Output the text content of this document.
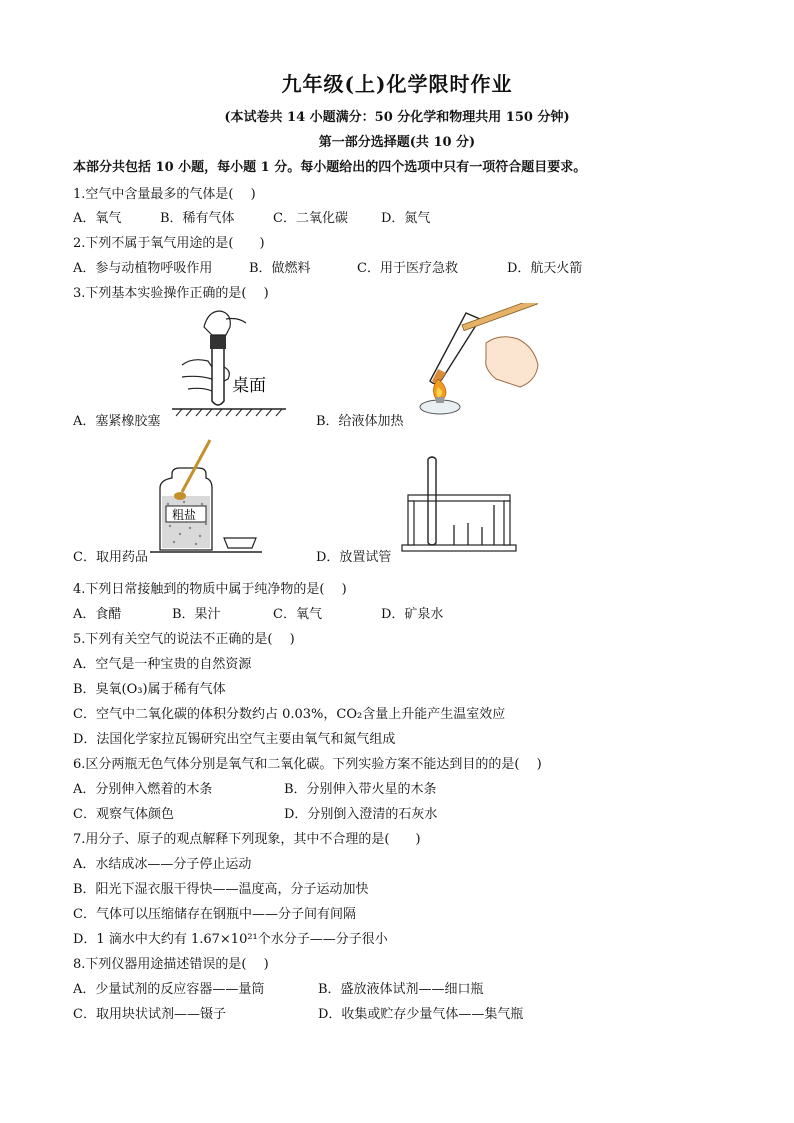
九年级(上)化学限时作业
(本试卷共 14 小题满分：50 分化学和物理共用 150 分钟)
第一部分选择题(共 10 分)
本部分共包括 10 小题，每小题 1 分。每小题给出的四个选项中只有一项符合题目要求。
1.空气中含量最多的气体是(　 )
A．氧气	B．稀有气体	C．二氧化碳	D．氮气
2.下列不属于氧气用途的是(　　)
A．参与动植物呼吸作用	B．做燃料	C．用于医疗急救	D．航天火箭
3.下列基本实验操作正确的是(　 )
桌面
A．塞紧橡胶塞	B．给液体加热
粗盐
C．取用药品	D．放置试管
4.下列日常接触到的物质中属于纯净物的是(　 )
A．食醋	B．果汁	C．氧气	D．矿泉水
5.下列有关空气的说法不正确的是(　 )
A．空气是一种宝贵的自然资源
B．臭氧(O₃)属于稀有气体
C．空气中二氧化碳的体积分数约占 0.03%，CO₂含量上升能产生温室效应
D．法国化学家拉瓦锡研究出空气主要由氧气和氮气组成
6.区分两瓶无色气体分别是氧气和二氧化碳。下列实验方案不能达到目的的是(　 )
A．分别伸入燃着的木条	B．分别伸入带火星的木条
C．观察气体颜色	D．分别倒入澄清的石灰水
7.用分子、原子的观点解释下列现象，其中不合理的是(　　)
A．水结成冰——分子停止运动
B．阳光下湿衣服干得快——温度高，分子运动加快
C．气体可以压缩储存在钢瓶中——分子间有间隔
D．1 滴水中大约有 1.67×10²¹个水分子——分子很小
8.下列仪器用途描述错误的是(　 )
A．少量试剂的反应容器——量筒	B．盛放液体试剂——细口瓶
C．取用块状试剂——镊子	D．收集或贮存少量气体——集气瓶
